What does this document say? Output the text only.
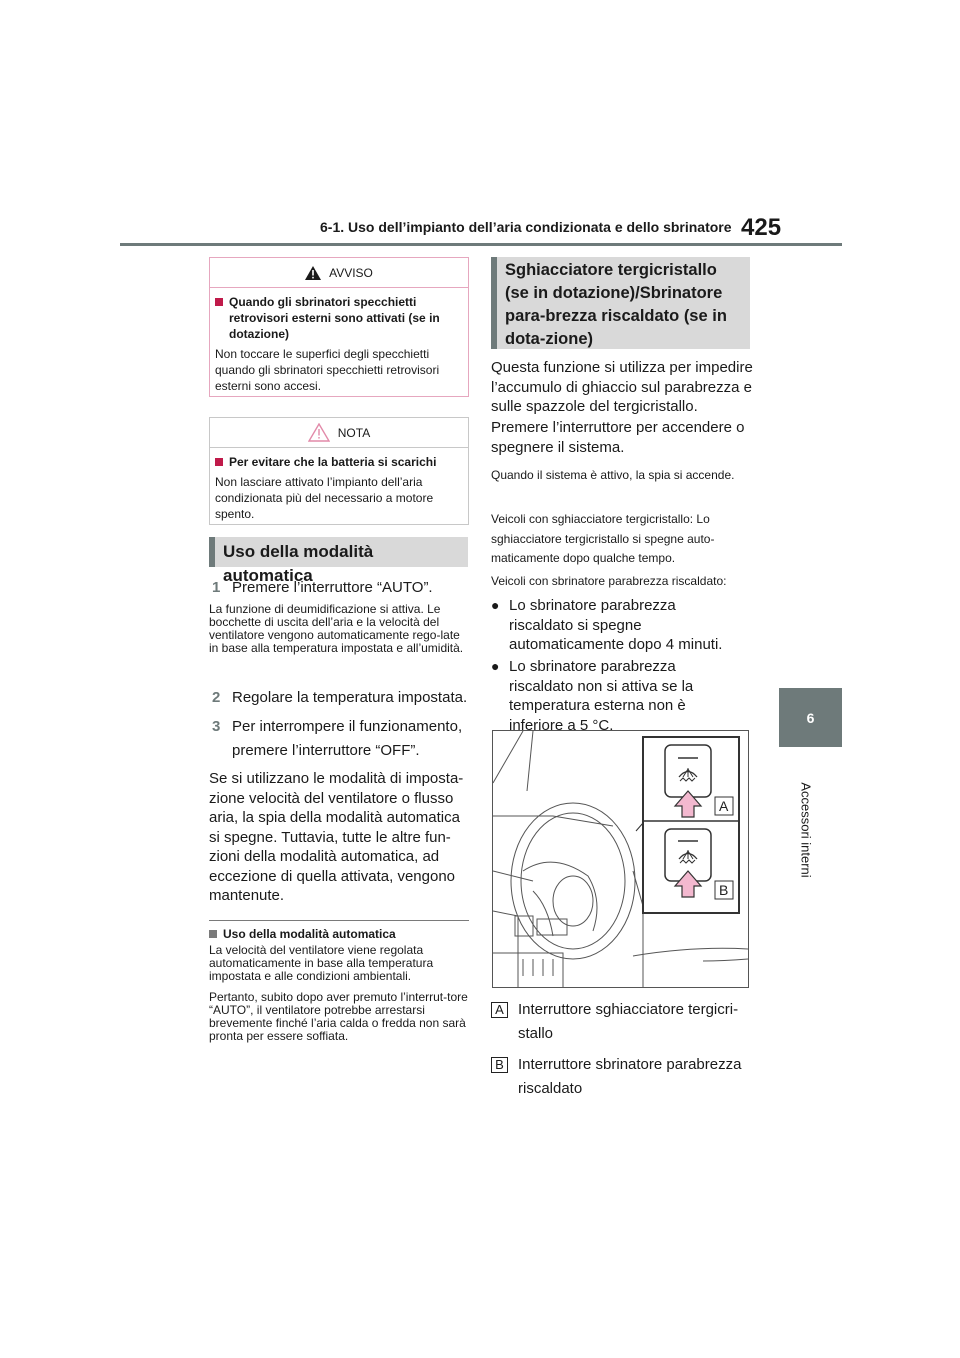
6-1. Uso dell’impianto dell’aria condizionata e dello sbrinatore 425
6
Accessori interni
AVVISO
Quando gli sbrinatori specchietti retrovisori esterni sono attivati (se in dotazione)

Non toccare le superfici degli specchietti quando gli sbrinatori specchietti retrovisori esterni sono accesi.

NOTA
Per evitare che la batteria si scarichi

Non lasciare attivato l’impianto dell’aria condizionata più del necessario a motore spento.

Uso della modalità automatica
1 Premere l’interruttore “AUTO”.

La funzione di deumidificazione si attiva. Le bocchette di uscita dell’aria e la velocità del ventilatore vengono automaticamente rego-late in base alla temperatura impostata e all’umidità.

2 Regolare la temperatura impostata.
3 Per interrompere il funzionamento,
premere l’interruttore “OFF”.

Se si utilizzano le modalità di imposta-zione velocità del ventilatore o flusso aria, la spia della modalità automatica si spegne. Tuttavia, tutte le altre fun-zioni della modalità automatica, ad eccezione di quella attivata, vengono mantenute.

Uso della modalità automatica

La velocità del ventilatore viene regolata automaticamente in base alla temperatura impostata e alle condizioni ambientali.

Pertanto, subito dopo aver premuto l’interrut-tore “AUTO”, il ventilatore potrebbe arrestarsi brevemente finché l’aria calda o fredda non sarà pronta per essere soffiata.

Sghiacciatore tergicristallo (se in dotazione)/Sbrinatore para-brezza riscaldato (se in dota-zione)

Questa funzione si utilizza per impedire l’accumulo di ghiaccio sul parabrezza e sulle spazzole del tergicristallo.

Premere l’interruttore per accendere o spegnere il sistema.

Quando il sistema è attivo, la spia si accende.

Veicoli con sghiacciatore tergicristallo: Lo sghiacciatore tergicristallo si spegne auto-maticamente dopo qualche tempo.

Veicoli con sbrinatore parabrezza riscaldato:

● Lo sbrinatore parabrezza riscaldato si spegne automaticamente dopo 4 minuti.
● Lo sbrinatore parabrezza riscaldato non si attiva se la temperatura esterna non è inferiore a 5 °C.
A
B
A Interruttore sghiacciatore tergicri-
stallo
B Interruttore sbrinatore parabrezza
riscaldato
